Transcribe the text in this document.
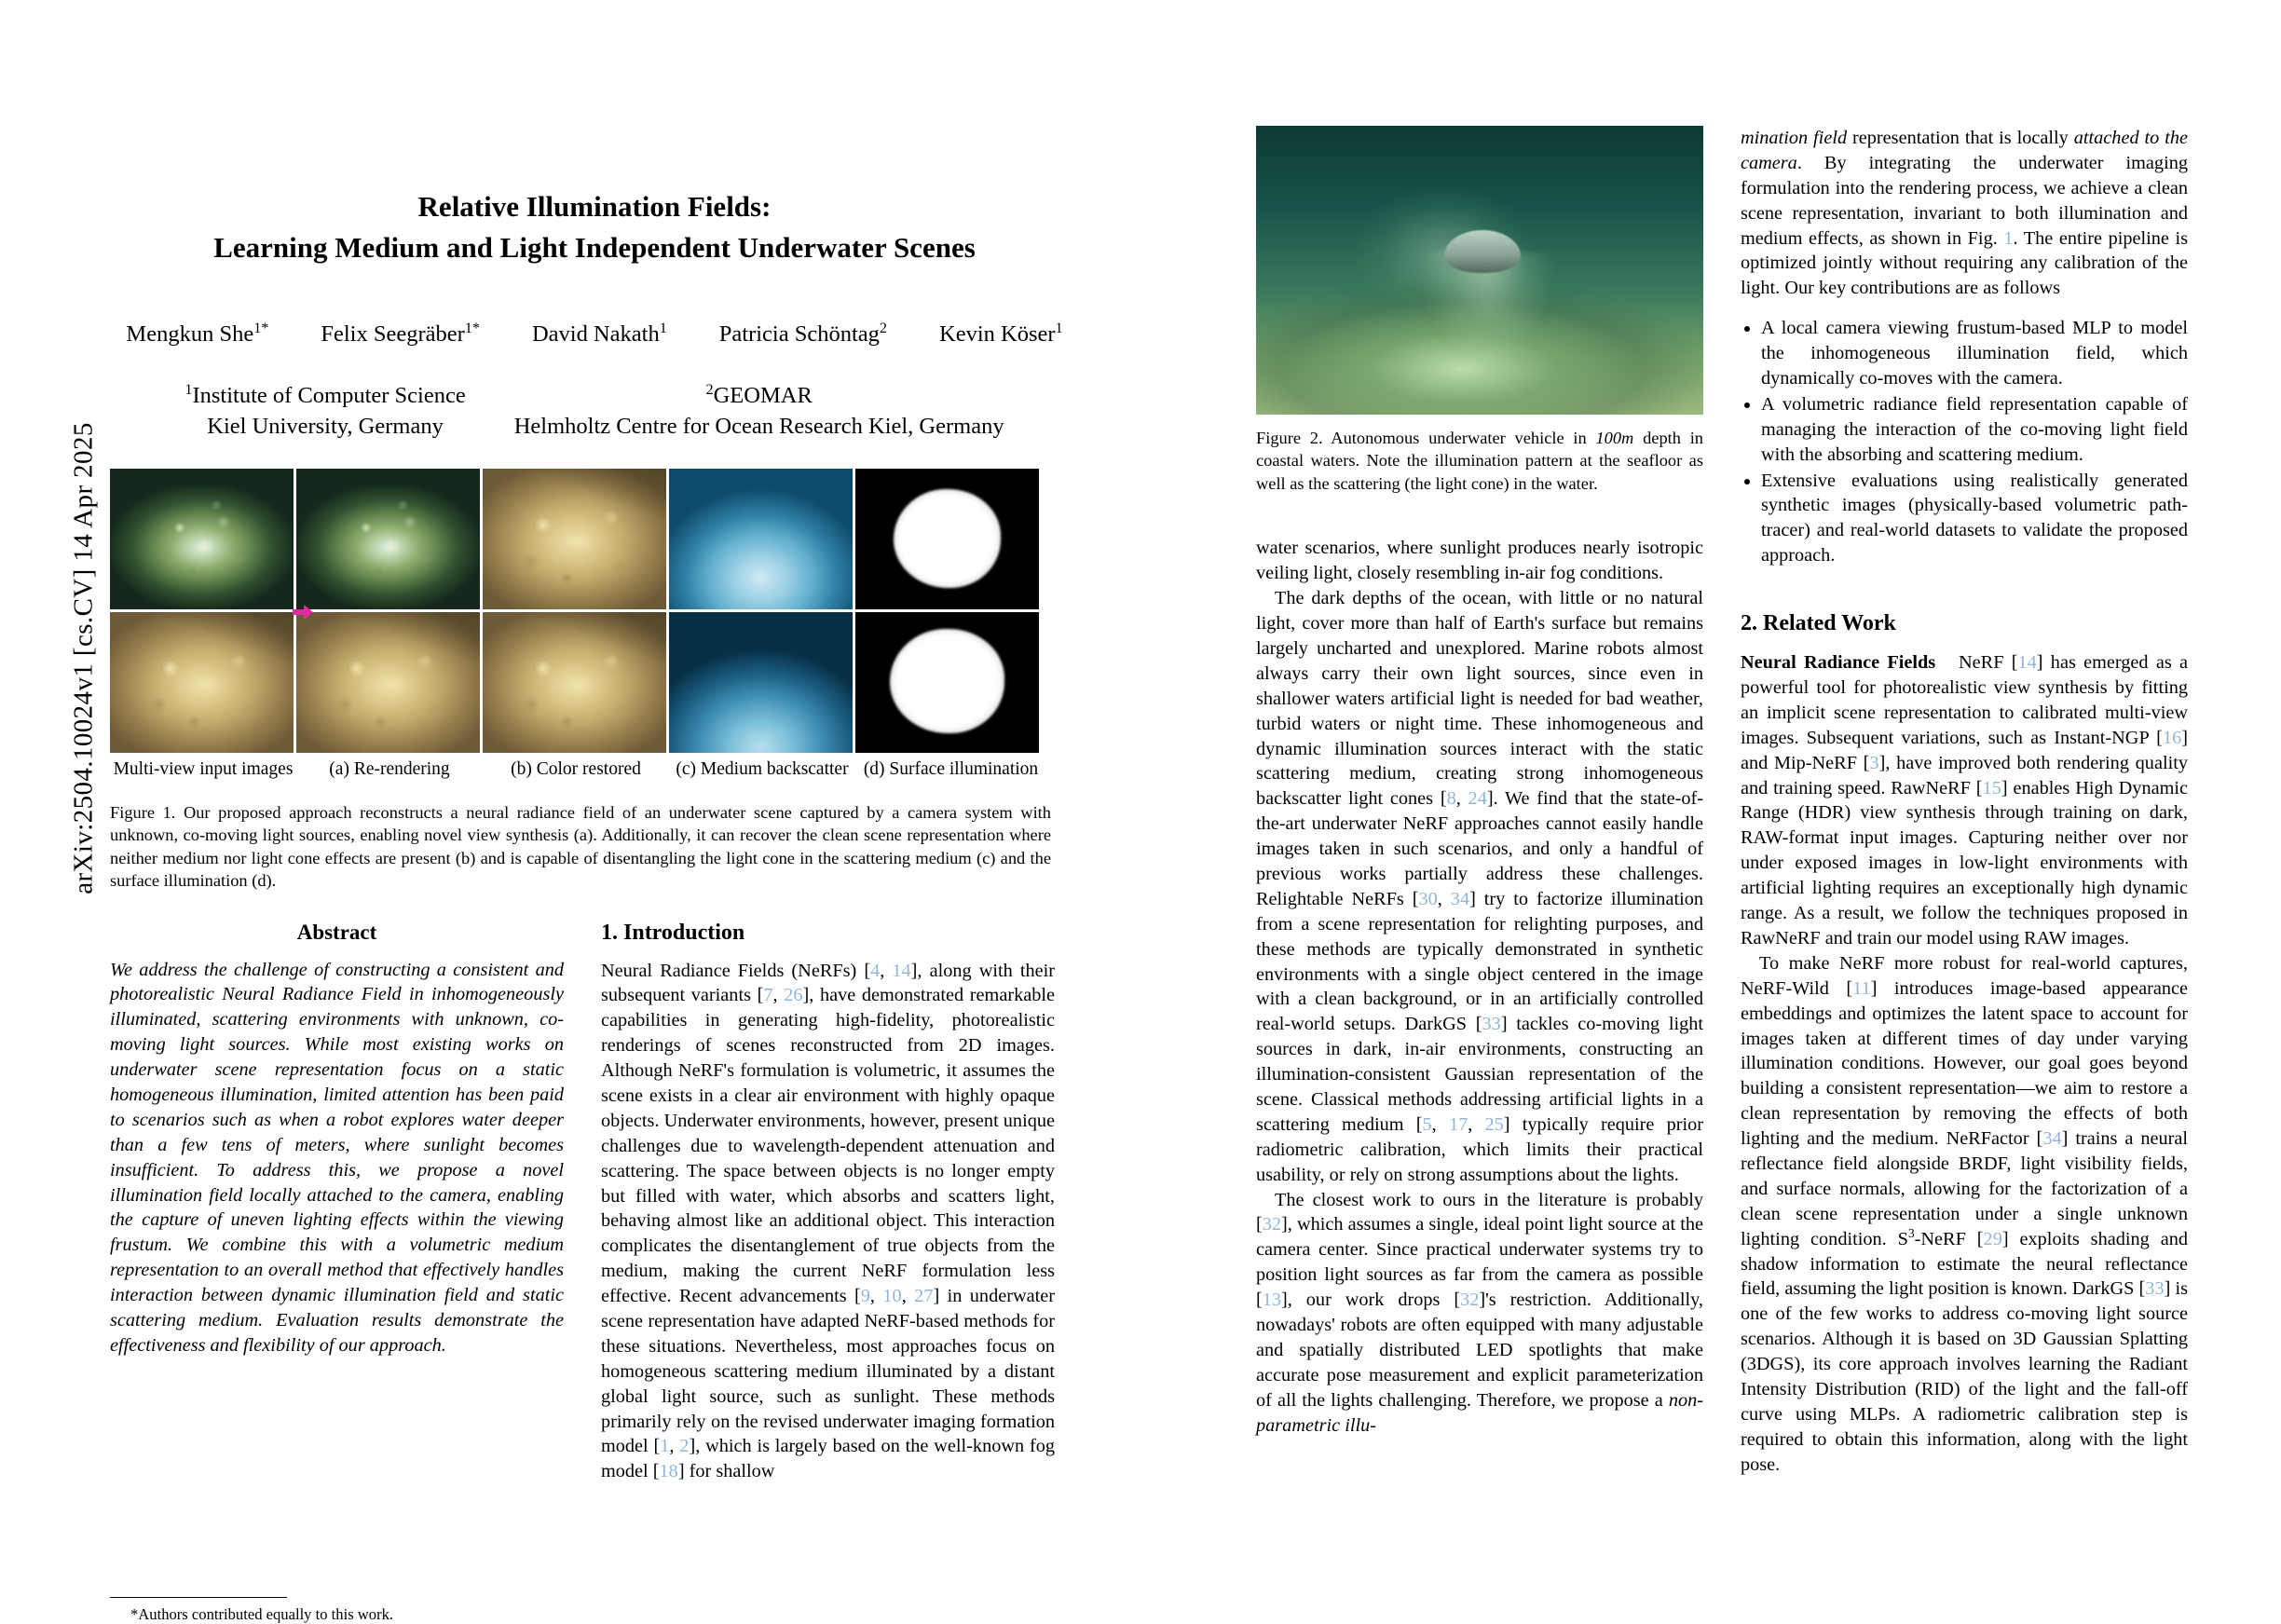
arXiv:2504.10024v1 [cs.CV] 14 Apr 2025
Relative Illumination Fields:
Learning Medium and Light Independent Underwater Scenes
Mengkun She$^{1*}$ Felix Seegräber$^{1*}$ David Nakath$^1$ Patricia Schöntag$^2$ Kevin Köser$^1$
$^1$Institute of Computer Science
Kiel University, Germany
$^2$GEOMAR
Helmholtz Centre for Ocean Research Kiel, Germany
Multi-view input images	(a) Re-rendering	(b) Color restored	(c) Medium backscatter (d) Surface illumination
Figure 1. Our proposed approach reconstructs a neural radiance field of an underwater scene captured by a camera system with unknown, co-moving light sources, enabling novel view synthesis (a). Additionally, it can recover the clean scene representation where neither medium nor light cone effects are present (b) and is capable of disentangling the light cone in the scattering medium (c) and the surface illumination (d).
Abstract

We address the challenge of constructing a consistent and photorealistic Neural Radiance Field in inhomogeneously illuminated, scattering environments with unknown, co-moving light sources. While most existing works on underwater scene representation focus on a static homogeneous illumination, limited attention has been paid to scenarios such as when a robot explores water deeper than a few tens of meters, where sunlight becomes insufficient. To address this, we propose a novel illumination field locally attached to the camera, enabling the capture of uneven lighting effects within the viewing frustum. We combine this with a volumetric medium representation to an overall method that effectively handles interaction between dynamic illumination field and static scattering medium. Evaluation results demonstrate the effectiveness and flexibility of our approach.

*Authors contributed equally to this work.
1. Introduction

Neural Radiance Fields (NeRFs) [4, 14], along with their subsequent variants [7, 26], have demonstrated remarkable capabilities in generating high-fidelity, photorealistic renderings of scenes reconstructed from 2D images. Although NeRF's formulation is volumetric, it assumes the scene exists in a clear air environment with highly opaque objects. Underwater environments, however, present unique challenges due to wavelength-dependent attenuation and scattering. The space between objects is no longer empty but filled with water, which absorbs and scatters light, behaving almost like an additional object. This interaction complicates the disentanglement of true objects from the medium, making the current NeRF formulation less effective. Recent advancements [9, 10, 27] in underwater scene representation have adapted NeRF-based methods for these situations. Nevertheless, most approaches focus on homogeneous scattering medium illuminated by a distant global light source, such as sunlight. These methods primarily rely on the revised underwater imaging formation model [1, 2], which is largely based on the well-known fog model [18] for shallow

Figure 2. Autonomous underwater vehicle in 100m depth in coastal waters. Note the illumination pattern at the seafloor as well as the scattering (the light cone) in the water.

water scenarios, where sunlight produces nearly isotropic veiling light, closely resembling in-air fog conditions.

The dark depths of the ocean, with little or no natural light, cover more than half of Earth's surface but remains largely uncharted and unexplored. Marine robots almost always carry their own light sources, since even in shallower waters artificial light is needed for bad weather, turbid waters or night time. These inhomogeneous and dynamic illumination sources interact with the static scattering medium, creating strong inhomogeneous backscatter light cones [8, 24]. We find that the state-of-the-art underwater NeRF approaches cannot easily handle images taken in such scenarios, and only a handful of previous works partially address these challenges. Relightable NeRFs [30, 34] try to factorize illumination from a scene representation for relighting purposes, and these methods are typically demonstrated in synthetic environments with a single object centered in the image with a clean background, or in an artificially controlled real-world setups. DarkGS [33] tackles co-moving light sources in dark, in-air environments, constructing an illumination-consistent Gaussian representation of the scene. Classical methods addressing artificial lights in a scattering medium [5, 17, 25] typically require prior radiometric calibration, which limits their practical usability, or rely on strong assumptions about the lights.

The closest work to ours in the literature is probably [32], which assumes a single, ideal point light source at the camera center. Since practical underwater systems try to position light sources as far from the camera as possible [13], our work drops [32]'s restriction. Additionally, nowadays' robots are often equipped with many adjustable and spatially distributed LED spotlights that make accurate pose measurement and explicit parameterization of all the lights challenging. Therefore, we propose a non-parametric illu-

mination field representation that is locally attached to the camera. By integrating the underwater imaging formulation into the rendering process, we achieve a clean scene representation, invariant to both illumination and medium effects, as shown in Fig. 1. The entire pipeline is optimized jointly without requiring any calibration of the light. Our key contributions are as follows

• A local camera viewing frustum-based MLP to model the inhomogeneous illumination field, which dynamically co-moves with the camera.
• A volumetric radiance field representation capable of managing the interaction of the co-moving light field with the absorbing and scattering medium.
• Extensive evaluations using realistically generated synthetic images (physically-based volumetric path-tracer) and real-world datasets to validate the proposed approach.
2. Related Work

Neural Radiance Fields NeRF [14] has emerged as a powerful tool for photorealistic view synthesis by fitting an implicit scene representation to calibrated multi-view images. Subsequent variations, such as Instant-NGP [16] and Mip-NeRF [3], have improved both rendering quality and training speed. RawNeRF [15] enables High Dynamic Range (HDR) view synthesis through training on dark, RAW-format input images. Capturing neither over nor under exposed images in low-light environments with artificial lighting requires an exceptionally high dynamic range. As a result, we follow the techniques proposed in RawNeRF and train our model using RAW images.

To make NeRF more robust for real-world captures, NeRF-Wild [11] introduces image-based appearance embeddings and optimizes the latent space to account for images taken at different times of day under varying illumination conditions. However, our goal goes beyond building a consistent representation—we aim to restore a clean representation by removing the effects of both lighting and the medium. NeRFactor [34] trains a neural reflectance field alongside BRDF, light visibility fields, and surface normals, allowing for the factorization of a clean scene representation under a single unknown lighting condition. $S^3$-NeRF [29] exploits shading and shadow information to estimate the neural reflectance field, assuming the light position is known. DarkGS [33] is one of the few works to address co-moving light source scenarios. Although it is based on 3D Gaussian Splatting (3DGS), its core approach involves learning the Radiant Intensity Distribution (RID) of the light and the fall-off curve using MLPs. A radiometric calibration step is required to obtain this information, along with the light pose.
